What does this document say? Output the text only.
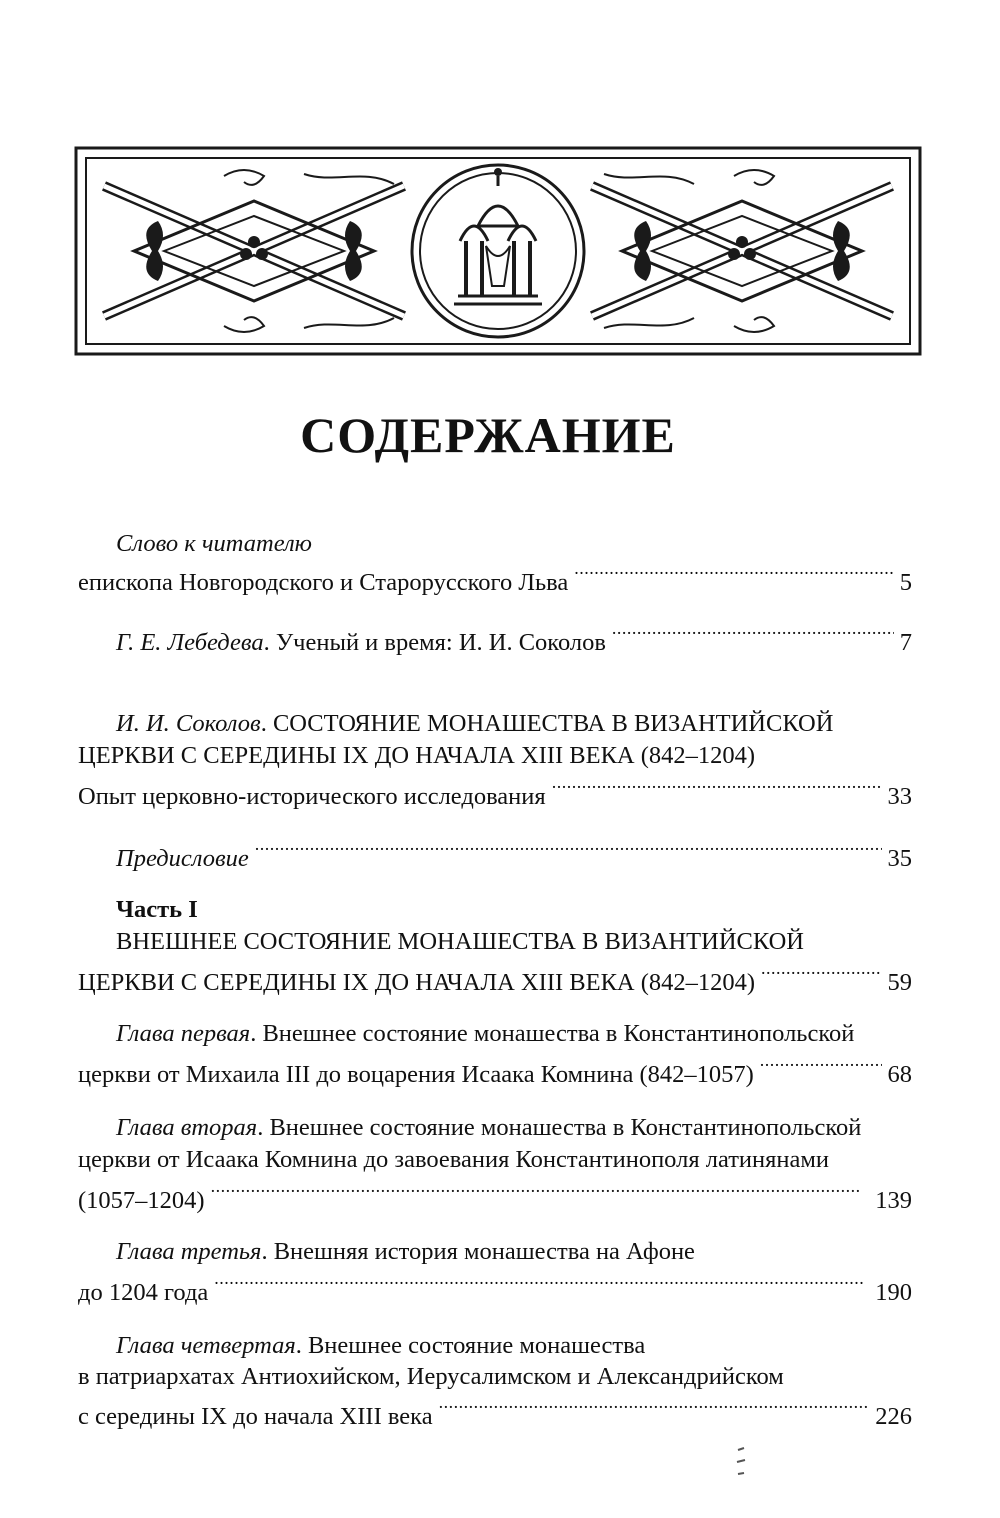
СОДЕРЖАНИЕ
Слово к читателю
епископа Новгородского и Старорусского Льва . . .	5
Г. Е. Лебедева . Ученый и время: И. И. Соколов . . .	7
И. И. Соколов . СОСТОЯНИЕ МОНАШЕСТВА В ВИЗАНТИЙСКОЙ
ЦЕРКВИ С СЕРЕДИНЫ IX ДО НАЧАЛА XIII ВЕКА (842–1204)
Опыт церковно-исторического исследования . . .	33
Предисловие . . .	35
Часть I
ВНЕШНЕЕ СОСТОЯНИЕ МОНАШЕСТВА В ВИЗАНТИЙСКОЙ
ЦЕРКВИ С СЕРЕДИНЫ IX ДО НАЧАЛА XIII ВЕКА (842–1204) . . .	59
Глава первая . Внешнее состояние монашества в Константинопольской
церкви от Михаила III до воцарения Исаака Комнина (842–1057) . . .	68
Глава вторая . Внешнее состояние монашества в Константинопольской
церкви от Исаака Комнина до завоевания Константинополя латинянами
(1057–1204) . . .	139
Глава третья . Внешняя история монашества на Афоне
до 1204 года . . .	190
Глава четвертая . Внешнее состояние монашества
в патриархатах Антиохийском, Иерусалимском и Александрийском
с середины IX до начала XIII века . . .	226
